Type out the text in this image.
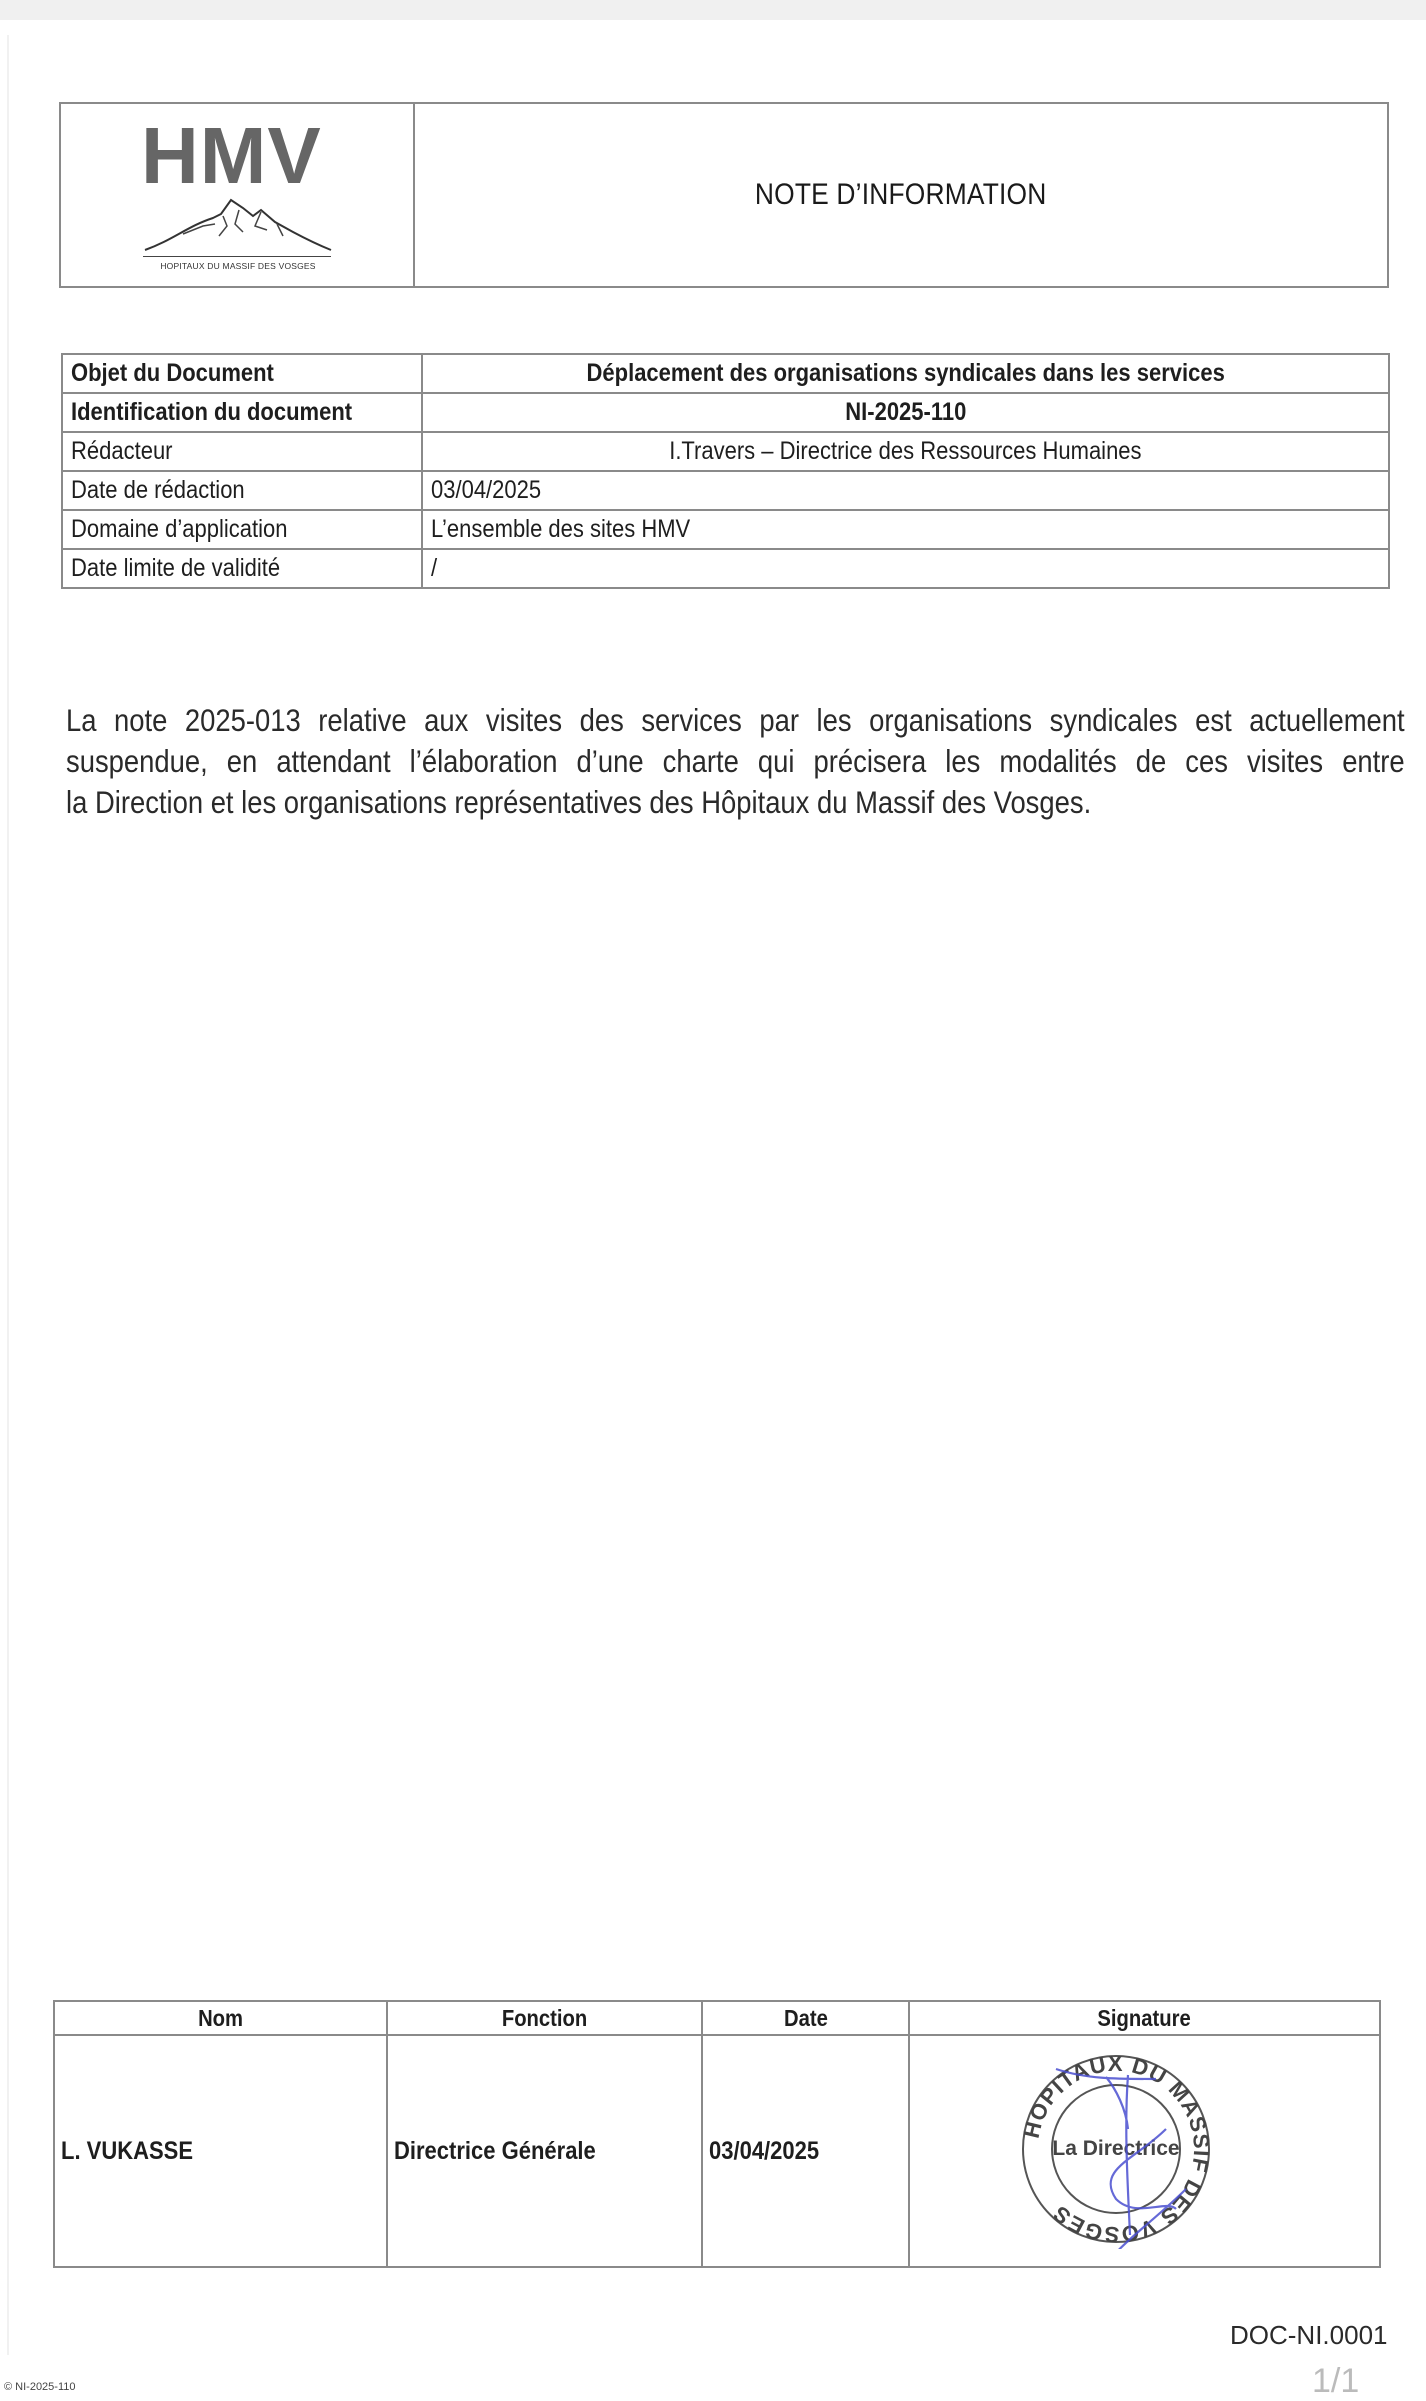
HMV
HOPITAUX DU MASSIF DES VOSGES
NOTE D’INFORMATION
Objet du Document	Déplacement des organisations syndicales dans les services
Identification du document	NI-2025-110
Rédacteur	I.Travers – Directrice des Ressources Humaines
Date de rédaction	03/04/2025
Domaine d’application	L’ensemble des sites HMV
Date limite de validité	/
La note 2025-013 relative aux visites des services par les organisations syndicales est actuellement
suspendue, en attendant l’élaboration d’une charte qui précisera les modalités de ces visites entre
la Direction et les organisations représentatives des Hôpitaux du Massif des Vosges.
Nom	Fonction	Date	Signature
L. VUKASSE	Directrice Générale	03/04/2025	HOPITAUX DU MASSIF DES VOSGES
La Directrice
DOC-NI.0001
1/1
© NI-2025-110
